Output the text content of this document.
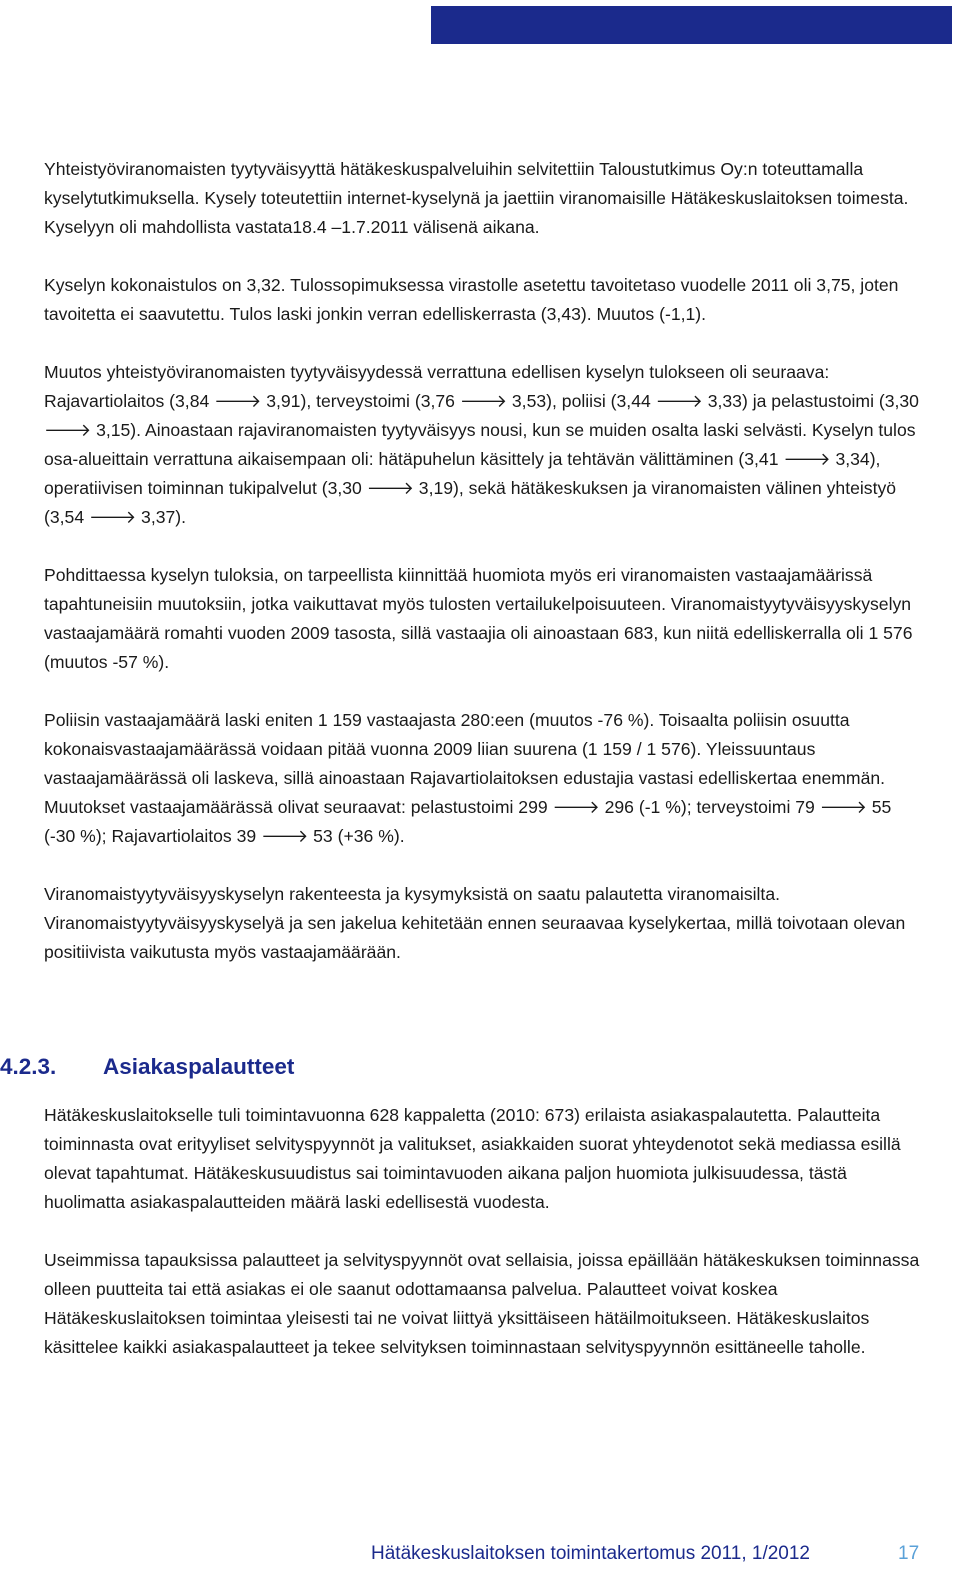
Yhteistyöviranomaisten tyytyväisyyttä hätäkeskuspalveluihin selvitettiin Taloustutkimus Oy:n toteuttamalla kyselytutkimuksella. Kysely toteutettiin internet-kyselynä ja jaettiin viranomaisille Hätäkeskuslaitoksen toimesta. Kyselyyn oli mahdollista vastata18.4 –1.7.2011 välisenä aikana.

Kyselyn kokonaistulos on 3,32. Tulossopimuksessa virastolle asetettu tavoitetaso vuodelle 2011 oli 3,75, joten tavoitetta ei saavutettu. Tulos laski jonkin verran edelliskerrasta (3,43). Muutos (-1,1).

Muutos yhteistyöviranomaisten tyytyväisyydessä verrattuna edellisen kyselyn tulokseen oli seuraava: Rajavartiolaitos (3,84 🡒 3,91), terveystoimi (3,76 🡒 3,53), poliisi (3,44 🡒 3,33) ja pelastustoimi (3,30 🡒 3,15). Ainoastaan rajaviranomaisten tyytyväisyys nousi, kun se muiden osalta laski selvästi. Kyselyn tulos osa-alueittain verrattuna aikaisempaan oli: hätäpuhelun käsittely ja tehtävän välittäminen (3,41 🡒 3,34), operatiivisen toiminnan tukipalvelut (3,30 🡒 3,19), sekä hätäkeskuksen ja viranomaisten välinen yhteistyö (3,54 🡒 3,37).

Pohdittaessa kyselyn tuloksia, on tarpeellista kiinnittää huomiota myös eri viranomaisten vastaajamäärissä tapahtuneisiin muutoksiin, jotka vaikuttavat myös tulosten vertailukelpoisuuteen. Viranomaistyytyväisyyskyselyn vastaajamäärä romahti vuoden 2009 tasosta, sillä vastaajia oli ainoastaan 683, kun niitä edelliskerralla oli 1 576 (muutos -57 %).

Poliisin vastaajamäärä laski eniten 1 159 vastaajasta 280:een (muutos -76 %). Toisaalta poliisin osuutta kokonaisvastaajamäärässä voidaan pitää vuonna 2009 liian suurena (1 159 / 1 576). Yleissuuntaus vastaajamäärässä oli laskeva, sillä ainoastaan Rajavartiolaitoksen edustajia vastasi edelliskertaa enemmän. Muutokset vastaajamäärässä olivat seuraavat: pelastustoimi 299 🡒 296 (-1 %); terveystoimi 79 🡒 55 (-30 %); Rajavartiolaitos 39 🡒 53 (+36 %).

Viranomaistyytyväisyyskyselyn rakenteesta ja kysymyksistä on saatu palautetta viranomaisilta. Viranomaistyytyväisyyskyselyä ja sen jakelua kehitetään ennen seuraavaa kyselykertaa, millä toivotaan olevan positiivista vaikutusta myös vastaajamäärään.

4.2.3. Asiakaspalautteet

Hätäkeskuslaitokselle tuli toimintavuonna 628 kappaletta (2010: 673) erilaista asiakaspalautetta. Palautteita toiminnasta ovat erityyliset selvityspyynnöt ja valitukset, asiakkaiden suorat yhteydenotot sekä mediassa esillä olevat tapahtumat. Hätäkeskusuudistus sai toimintavuoden aikana paljon huomiota julkisuudessa, tästä huolimatta asiakaspalautteiden määrä laski edellisestä vuodesta.

Useimmissa tapauksissa palautteet ja selvityspyynnöt ovat sellaisia, joissa epäillään hätäkeskuksen toiminnassa olleen puutteita tai että asiakas ei ole saanut odottamaansa palvelua. Palautteet voivat koskea Hätäkeskuslaitoksen toimintaa yleisesti tai ne voivat liittyä yksittäiseen hätäilmoitukseen. Hätäkeskuslaitos käsittelee kaikki asiakaspalautteet ja tekee selvityksen toiminnastaan selvityspyynnön esittäneelle taholle.

Hätäkeskuslaitoksen toimintakertomus 2011, 1/2012	17
